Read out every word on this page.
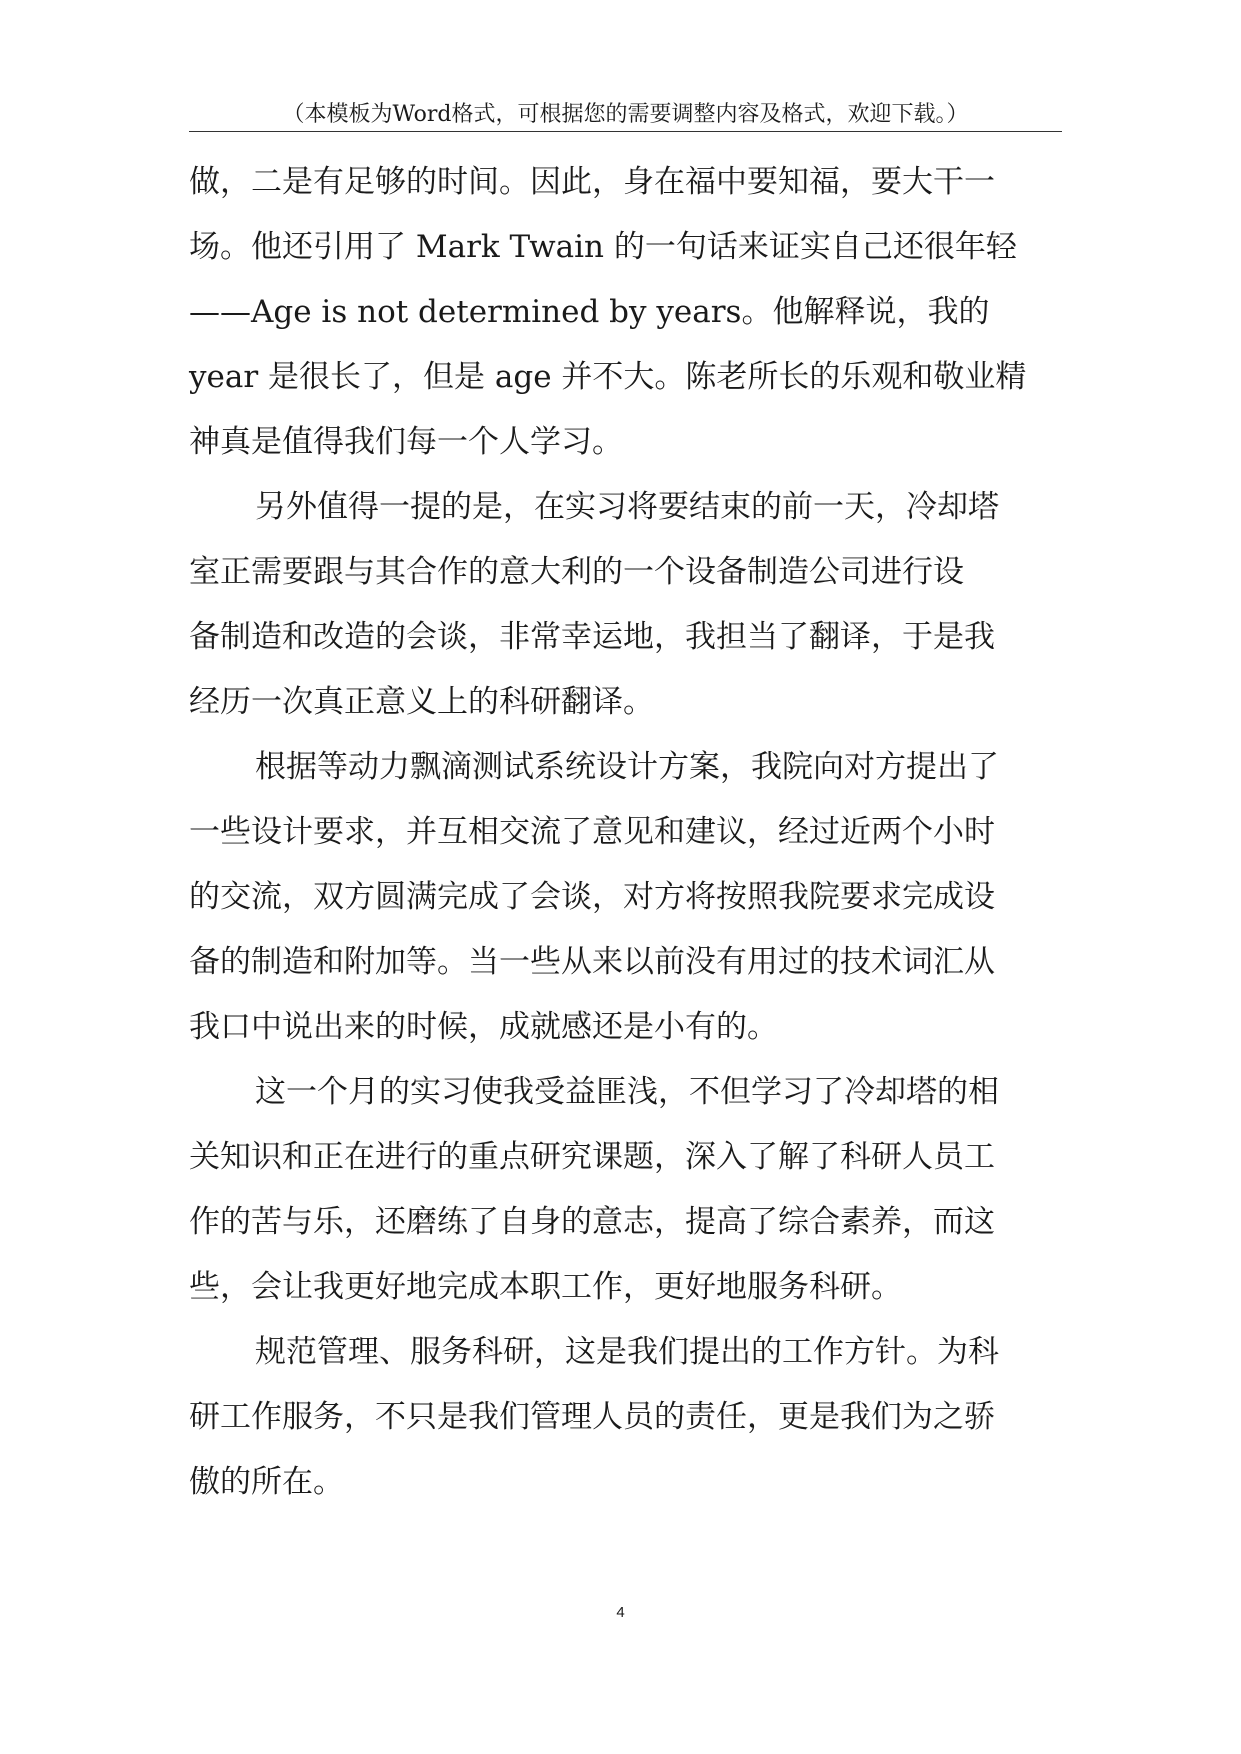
（本模板为Word格式，可根据您的需要调整内容及格式，欢迎下载。）
做，二是有足够的时间。因此，身在福中要知福，要大干一
场。他还引用了 Mark Twain 的一句话来证实自己还很年轻
——Age is not determined by years。他解释说，我的
year 是很长了，但是 age 并不大。陈老所长的乐观和敬业精
神真是值得我们每一个人学习。
另外值得一提的是，在实习将要结束的前一天，冷却塔
室正需要跟与其合作的意大利的一个设备制造公司进行设
备制造和改造的会谈，非常幸运地，我担当了翻译，于是我
经历一次真正意义上的科研翻译。
根据等动力飘滴测试系统设计方案，我院向对方提出了
一些设计要求，并互相交流了意见和建议，经过近两个小时
的交流，双方圆满完成了会谈，对方将按照我院要求完成设
备的制造和附加等。当一些从来以前没有用过的技术词汇从
我口中说出来的时候，成就感还是小有的。
这一个月的实习使我受益匪浅，不但学习了冷却塔的相
关知识和正在进行的重点研究课题，深入了解了科研人员工
作的苦与乐，还磨练了自身的意志，提高了综合素养，而这
些，会让我更好地完成本职工作，更好地服务科研。
规范管理、服务科研，这是我们提出的工作方针。为科
研工作服务，不只是我们管理人员的责任，更是我们为之骄
傲的所在。
4
